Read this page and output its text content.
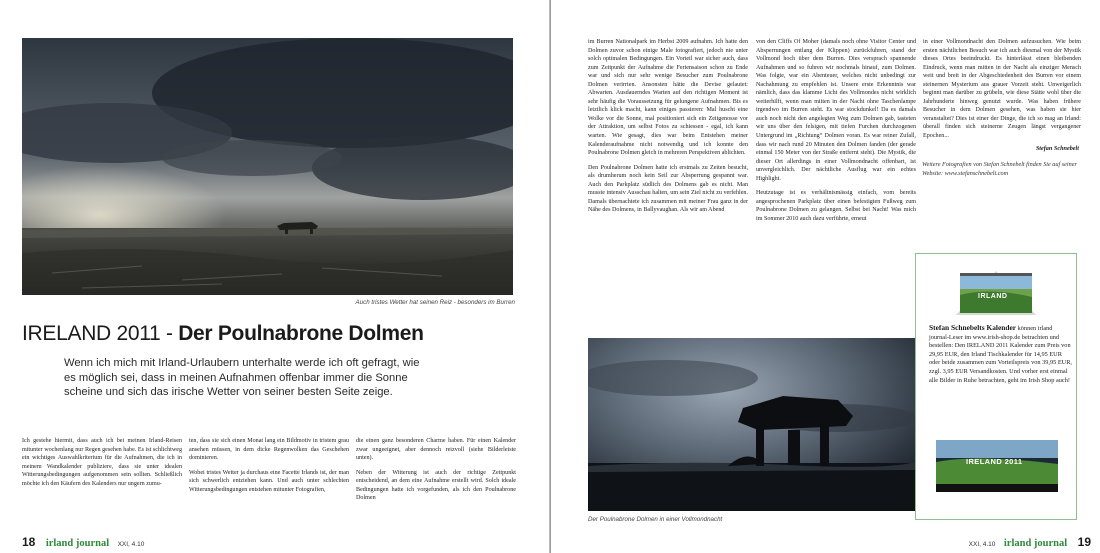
Auch tristes Wetter hat seinen Reiz - besonders im Burren
IRELAND 2011 - Der Poulnabrone Dolmen
Wenn ich mich mit Irland-Urlaubern unterhalte werde ich oft gefragt, wie es möglich sei, dass in meinen Aufnahmen offenbar immer die Sonne scheine und sich das irische Wetter von seiner besten Seite zeige.

Ich gestehe hiermit, dass auch ich bei meinen Irland-Reisen mitunter wochenlang nur Regen gesehen habe. Es ist schlichtweg ein wichtiges Auswahlkriterium für die Aufnahmen, die ich in meinem Wandkalender publiziere, dass sie unter idealen Witterungsbedingungen aufgenommen sein sollten. Schließlich möchte ich den Käufern des Kalenders nur ungern zumu-

ten, dass sie sich einen Monat lang ein Bildmotiv in tristem grau ansehen müssen, in dem dicke Regenwolken das Geschehen dominieren.

Wobei tristes Wetter ja durchaus eine Facette Irlands ist, der man sich schwerlich entziehen kann. Und auch unter schlechten Witterungsbedingungen entstehen mitunter Fotografien,

die einen ganz besonderen Charme haben. Für einen Kalender zwar ungeeignet, aber dennoch reizvoll (siehe Bilderleiste unten).

Neben der Witterung ist auch der richtige Zeitpunkt entscheidend, an dem eine Aufnahme erstellt wird. Solch ideale Bedingungen hatte ich vorgefunden, als ich den Poulnabrone Dolmen

18 irland journal XXI, 4.10

im Burren Nationalpark im Herbst 2009 aufnahm. Ich hatte den Dolmen zuvor schon einige Male fotografiert, jedoch nie unter solch optimalen Bedingungen. Ein Vorteil war sicher auch, dass zum Zeitpunkt der Aufnahme die Feriensaison schon zu Ende war und sich nur sehr wenige Besucher zum Poulnabrone Dolmen verirrten. Ansonsten hätte die Devise gelautet: Abwarten. Ausdauerndes Warten auf den richtigen Moment ist sehr häufig die Voraussetzung für gelungene Aufnahmen. Bis es letztlich klick macht, kann einiges passieren: Mal huscht eine Wolke vor die Sonne, mal positioniert sich ein Zeitgenosse vor der Attraktion, um selbst Fotos zu schiessen - egal, ich kann warten. Wie gesagt, dies war beim Entstehen meiner Kalenderaufnahme nicht notwendig und ich konnte den Poulnabrone Dolmen gleich in mehreren Perspektiven ablichten.

Den Poulnabrone Dolmen hatte ich erstmals zu Zeiten besucht, als drumherum noch kein Seil zur Absperrung gespannt war. Auch den Parkplatz südlich des Dolmens gab es nicht. Man musste intensiv Ausschau halten, um sein Ziel nicht zu verfehlen. Damals übernachtete ich zusammen mit meiner Frau ganz in der Nähe des Dolmens, in Ballyvaughan. Als wir am Abend

von den Cliffs Of Moher (damals noch ohne Visitor Center und Absperrungen entlang der Klippen) zurückfuhren, stand der Vollmond hoch über dem Burren. Dies versprach spannende Aufnahmen und so fuhren wir nochmals hinauf, zum Dolmen. Was folgte, war ein Abenteuer, welches nicht unbedingt zur Nachahmung zu empfehlen ist. Unsere erste Erkenntnis war nämlich, dass das klamme Licht des Vollmondes nicht wirklich weiterhilft, wenn man mitten in der Nacht ohne Taschenlampe irgendwo im Burren steht. Es war stockdunkel! Da es damals auch noch nicht den angelegten Weg zum Dolmen gab, tasteten wir uns über den felsigen, mit tiefen Furchen durchzogenen Untergrund im „Richtung“ Dolmen voran. Es war reiner Zufall, dass wir nach rund 20 Minuten den Dolmen fanden (der gerade einmal 150 Meter von der Straße entfernt steht). Die Mystik, die dieser Ort allerdings in einer Vollmondnacht offenbart, ist unvergleichlich. Der nächtliche Ausflug war ein echtes Highlight.

Heutzutage ist es verhältnismässig einfach, vom bereits angesprochenen Parkplatz über einen befestigten Fußweg zum Poulnabrone Dolmen zu gelangen. Selbst bei Nacht! Was mich im Sommer 2010 auch dazu verführte, erneut

in einer Vollmondnacht den Dolmen aufzusuchen. Wie beim ersten nächtlichen Besuch war ich auch diesmal von der Mystik dieses Ortes beeindruckt. Es hinterlässt einen bleibenden Eindruck, wenn man mitten in der Nacht als einziger Mensch weit und breit in der Abgeschiedenheit des Burren vor einem steinernen Mysterium aus grauer Vorzeit steht. Unweigerlich beginnt man darüber zu grübeln, wie diese Stätte wohl über die Jahrhunderte hinweg genutzt wurde. Was haben frühere Besucher in dem Dolmen gesehen, was haben sie hier veranstaltet? Dies ist einer der Dinge, die ich so mag an Irland: überall finden sich steinerne Zeugen längst vergangener Epochen...

Der Poulnabrone Dolmen in einer Vollmondnacht
Stefan Schnebelt
Weitere Fotografien von Stefan Schnebelt finden Sie auf seiner Website: www.stefanschnebelt.com
XXI, 4.10 irland journal 19
IRLAND
Stefan Schnebelts Kalender können irland journal-Leser im www.irish-shop.de betrachten und bestellen: Den IRELAND 2011 Kalender zum Preis von 29,95 EUR, den Irland Tischkalender für 14,95 EUR oder beide zusammen zum Vorteilspreis von 39,95 EUR, zzgl. 3,95 EUR Versandkosten. Und vorher erst einmal alle Bilder in Ruhe betrachten, geht im Irish Shop auch!
IRELAND 2011
